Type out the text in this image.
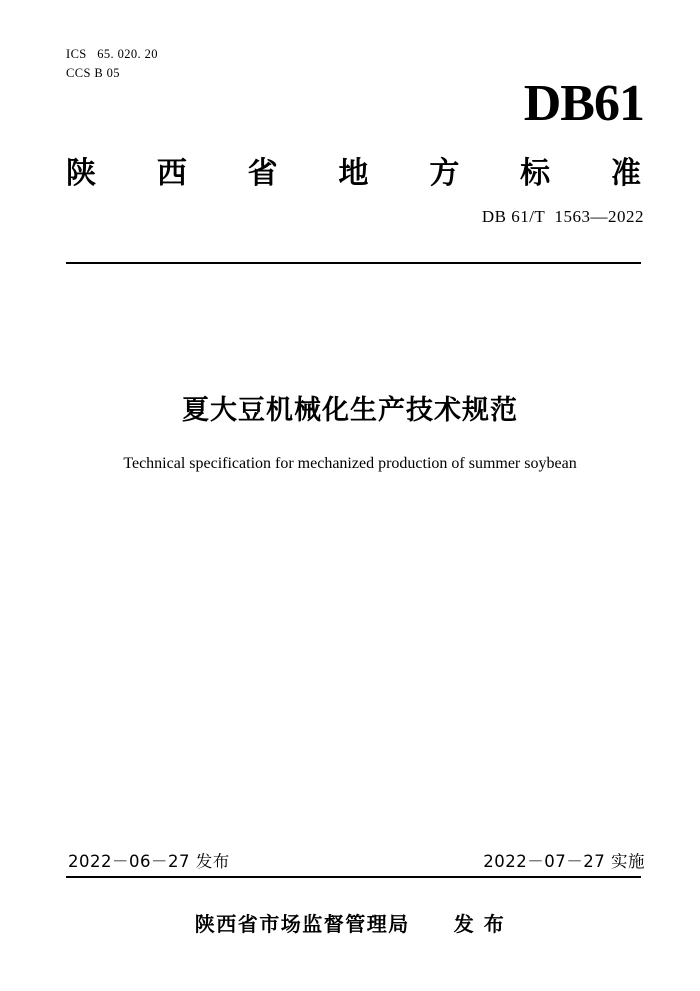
ICS   65. 020. 20
CCS B 05
DB61
陕 西 省 地 方 标 准
DB 61/T  1563—2022
夏大豆机械化生产技术规范
Technical specification for mechanized production of summer soybean
2022－06－27 发布	2022－07－27 实施
陕西省市场监督管理局 发 布
